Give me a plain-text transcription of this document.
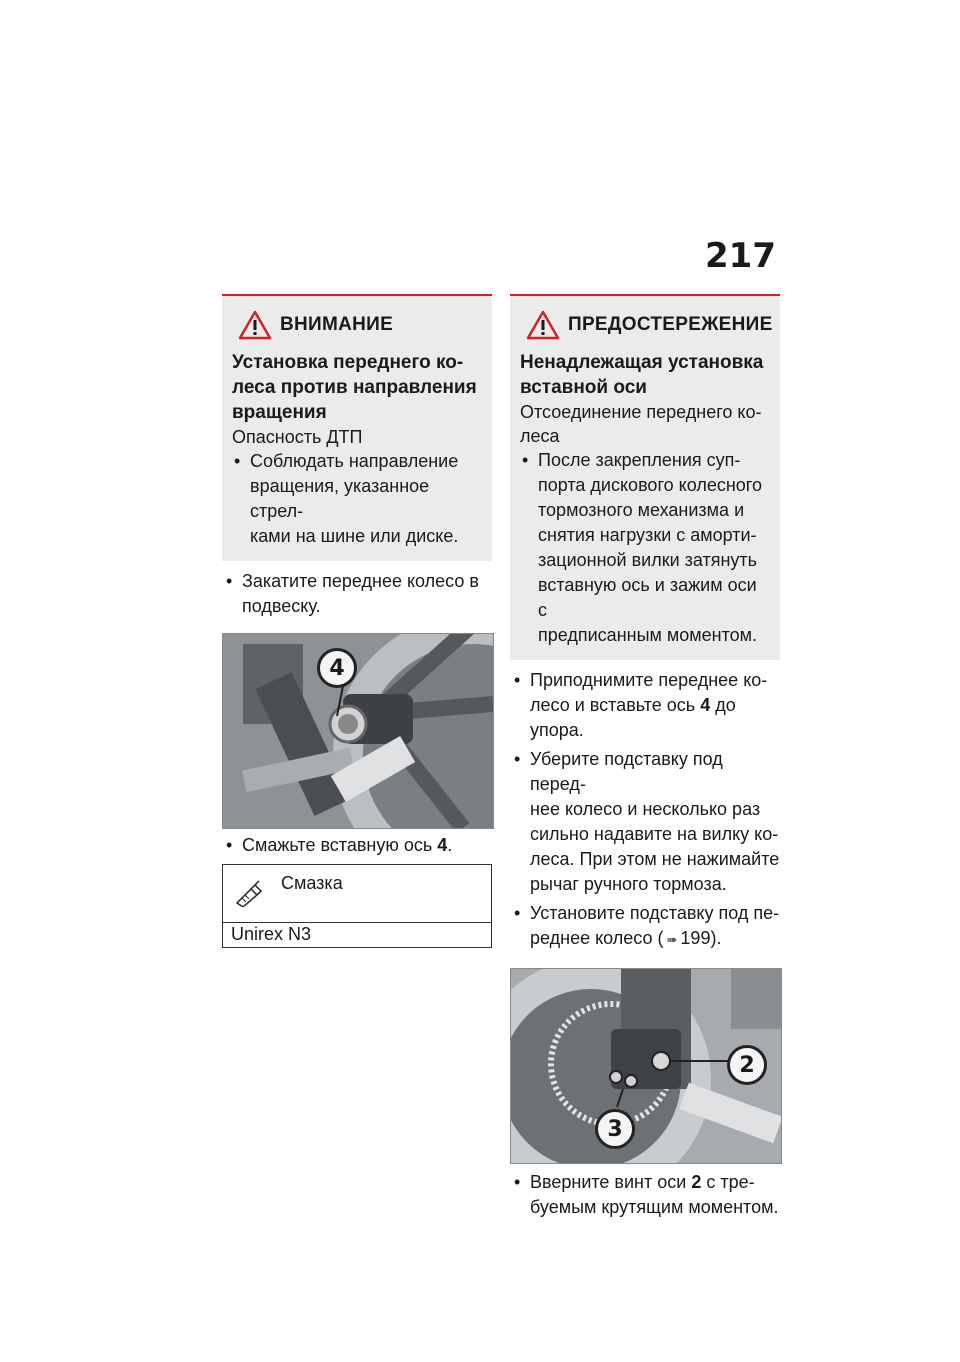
217
ВНИМАНИЕ
Установка переднего ко-
леса против направления
вращения
Опасность ДТП
• Соблюдать направление
вращения, указанное стрел-
ками на шине или диске.
• Закатите переднее колесо в
подвеску.
4
• Смажьте вставную ось 4.
Смазка
Unirex N3
ПРЕДОСТЕРЕЖЕНИЕ
Ненадлежащая установка
вставной оси
Отсоединение переднего ко-
леса
• После закрепления суп-
порта дискового колесного
тормозного механизма и
снятия нагрузки с аморти-
зационной вилки затянуть
вставную ось и зажим оси с
предписанным моментом.
• Приподнимите переднее ко-
лесо и вставьте ось 4 до
упора.
• Уберите подставку под перед-
нее колесо и несколько раз
сильно надавите на вилку ко-
леса. При этом не нажимайте
рычаг ручного тормоза.
• Установите подставку под пе-
реднее колесо ( ➠ 199).
2
3
• Вверните винт оси 2 с тре-
буемым крутящим моментом.
